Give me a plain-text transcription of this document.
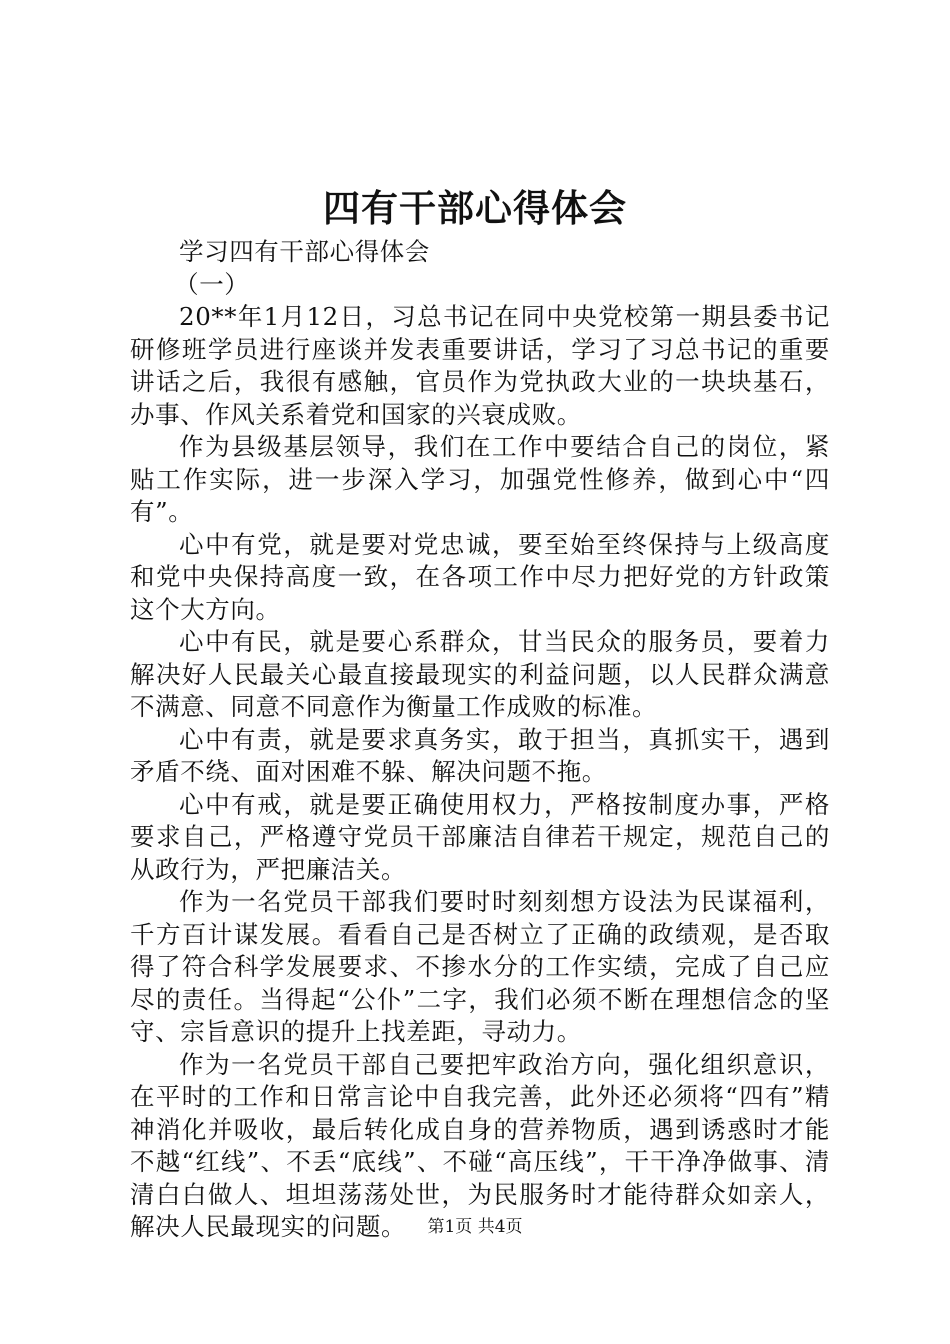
四有干部心得体会

学习四有干部心得体会

（一）

20**年1月12日，习总书记在同中央党校第一期县委书记研修班学员进行座谈并发表重要讲话，学习了习总书记的重要讲话之后，我很有感触，官员作为党执政大业的一块块基石，办事、作风关系着党和国家的兴衰成败。

作为县级基层领导，我们在工作中要结合自己的岗位，紧贴工作实际，进一步深入学习，加强党性修养，做到心中“四有”。

心中有党，就是要对党忠诚，要至始至终保持与上级高度和党中央保持高度一致，在各项工作中尽力把好党的方针政策这个大方向。

心中有民，就是要心系群众，甘当民众的服务员，要着力解决好人民最关心最直接最现实的利益问题，以人民群众满意不满意、同意不同意作为衡量工作成败的标准。

心中有责，就是要求真务实，敢于担当，真抓实干，遇到矛盾不绕、面对困难不躲、解决问题不拖。

心中有戒，就是要正确使用权力，严格按制度办事，严格要求自己，严格遵守党员干部廉洁自律若干规定，规范自己的从政行为，严把廉洁关。

作为一名党员干部我们要时时刻刻想方设法为民谋福利，千方百计谋发展。看看自己是否树立了正确的政绩观，是否取得了符合科学发展要求、不掺水分的工作实绩，完成了自己应尽的责任。当得起“公仆”二字，我们必须不断在理想信念的坚守、宗旨意识的提升上找差距，寻动力。

作为一名党员干部自己要把牢政治方向，强化组织意识，在平时的工作和日常言论中自我完善，此外还必须将“四有”精神消化并吸收，最后转化成自身的营养物质，遇到诱惑时才能不越“红线”、不丢“底线”、不碰“高压线”，干干净净做事、清清白白做人、坦坦荡荡处世，为民服务时才能待群众如亲人，解决人民最现实的问题。	第1页 共4页
